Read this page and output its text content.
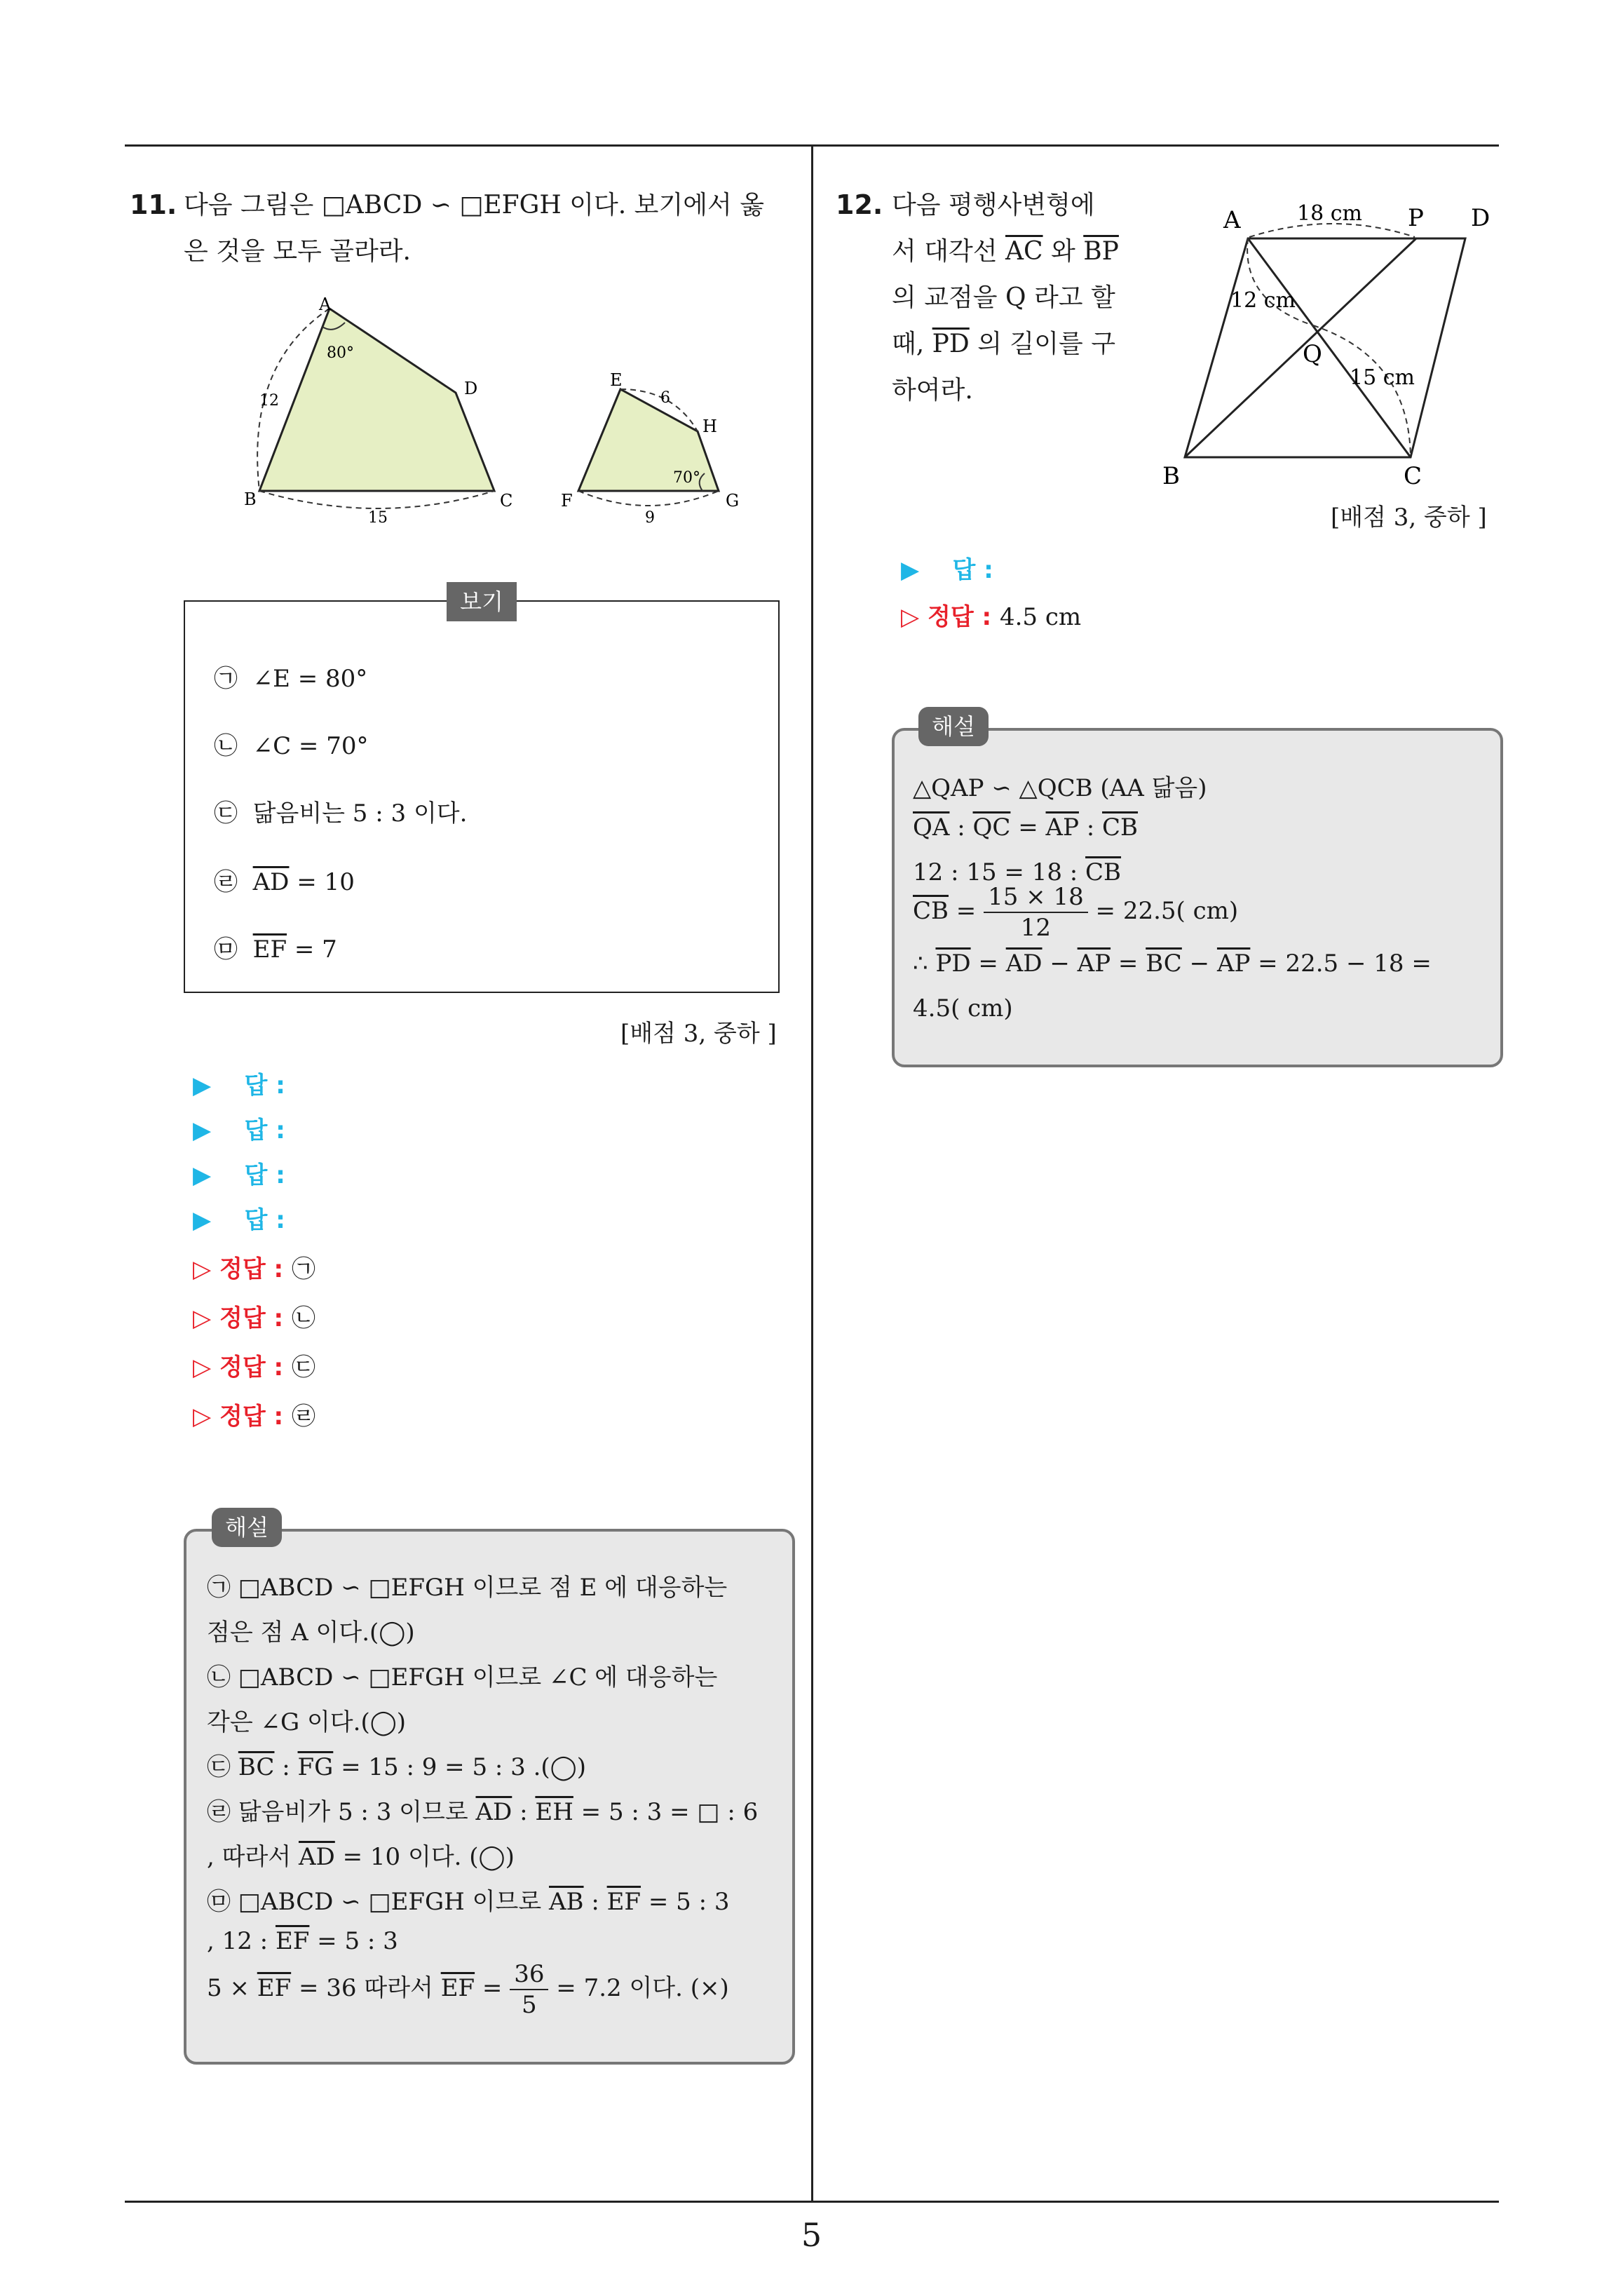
5
11. 다음 그림은 □ABCD ∽ □EFGH 이다. 보기에서 옳
은 것을 모두 골라라.
A
B	C
D
80°
12
15
E
F	G
H
70°
6
9
보기
㉠ ∠E = 80°
㉡ ∠C = 70°
㉢ 닮음비는 5 : 3 이다.
㉣ $\overline{AD} = 10$
㉤ $\overline{EF} = 7$
[배점 3, 중하 ]
▶ 답 :
▶ 답 :
▶ 답 :
▶ 답 :
▷ 정답 : ㉠
▷ 정답 : ㉡
▷ 정답 : ㉢
▷ 정답 : ㉣
해설
㉠ □ABCD ∽ □EFGH 이므로 점 E 에 대응하는
점은 점 A 이다.(◯)
㉡ □ABCD ∽ □EFGH 이므로 ∠C 에 대응하는
각은 ∠G 이다.(◯)
㉢ $\overline{BC}$ : $\overline{FG} = 15$ : 9 = 5 : 3 .(◯)
㉣ 닮음비가 5 : 3 이므로 $\overline{AD}$ : $\overline{EH} = 5$ : 3 = □ : 6
, 따라서 $\overline{AD} = 10$ 이다. (◯)
㉤ □ABCD ∽ □EFGH 이므로 $\overline{AB}$ : $\overline{EF} = 5$ : 3
, 12 : $\overline{EF} = 5$ : 3
$5 \times \overline{EF} = 36$ 따라서 $\overline{EF} = \frac{36}{5} = 7.2$ 이다. (×)
12. 다음 평행사변형에
서 대각선 $\overline{AC}$ 와 $\overline{BP}$
의 교점을 Q 라고 할
때, $\overline{PD}$ 의 길이를 구
하여라.
A	P D
B	C
Q
18 cm
12 cm
15 cm
[배점 3, 중하 ]
▶ 답 :
▷ 정답 : 4.5 cm
해설
△QAP ∽ △QCB (AA 닮음)
$\overline{QA}$ : $\overline{QC} = \overline{AP}$ : $\overline{CB}$
12 : 15 = 18 : $\overline{CB}$
$\overline{CB} = \frac{15 \times 18}{12} = 22.5$( cm)
∴ $\overline{PD} = \overline{AD} - \overline{AP} = \overline{BC} - \overline{AP} = 22.5 - 18$ =
4.5( cm)
